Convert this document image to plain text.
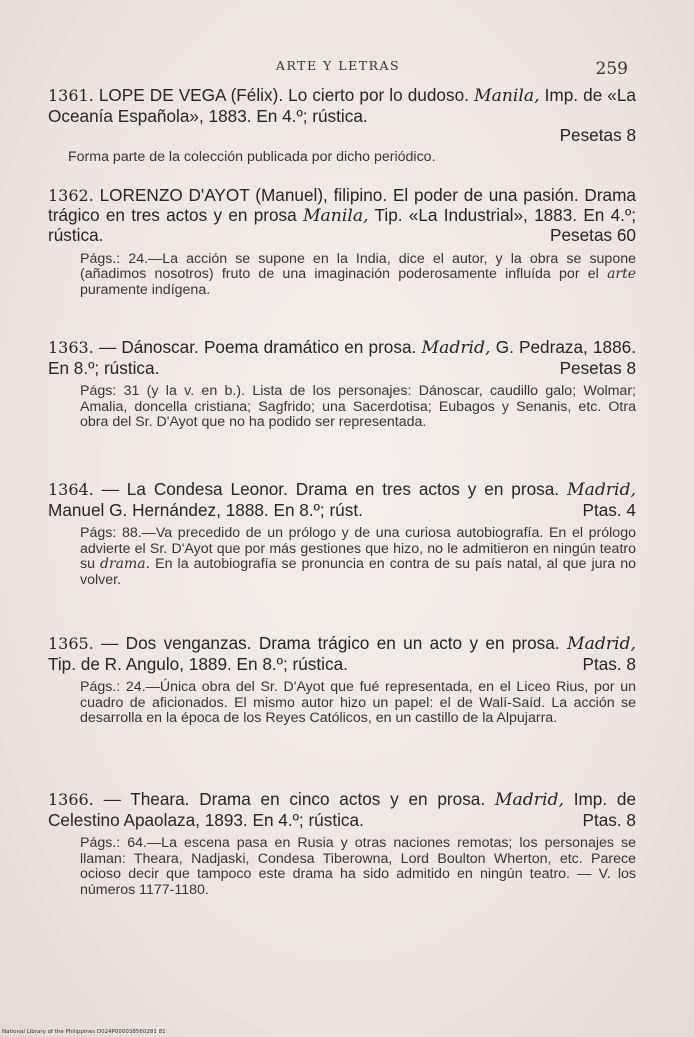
ARTE Y LETRAS	259
1361. LOPE DE VEGA (Félix). Lo cierto por lo dudoso. Manila, Imp. de «La Oceanía Española», 1883. En 4.º; rústica.
Pesetas 8
Forma parte de la colección publicada por dicho periódico.
1362. LORENZO D'AYOT (Manuel), filipino. El poder de una pasión. Drama trágico en tres actos y en prosa Manila, Tip. «La Industrial», 1883. En 4.º; rústica.	Pesetas 60
Págs.: 24.—La acción se supone en la India, dice el autor, y la obra se supone (añadimos nosotros) fruto de una imaginación poderosamente influída por el arte puramente indígena.
1363. — Dánoscar. Poema dramático en prosa. Madrid, G. Pedraza, 1886. En 8.º; rústica.	Pesetas 8
Págs: 31 (y la v. en b.). Lista de los personajes: Dánoscar, caudillo galo; Wolmar; Amalia, doncella cristiana; Sagfrido; una Sacerdotisa; Eubagos y Senanis, etc. Otra obra del Sr. D'Ayot que no ha podido ser representada.
1364. — La Condesa Leonor. Drama en tres actos y en prosa. Madrid, Manuel G. Hernández, 1888. En 8.º; rúst.	Ptas. 4
Págs: 88.—Va precedido de un prólogo y de una curiosa autobiografía. En el prólogo advierte el Sr. D'Ayot que por más gestiones que hizo, no le admitieron en ningún teatro su drama. En la autobiografía se pronuncia en contra de su país natal, al que jura no volver.
1365. — Dos venganzas. Drama trágico en un acto y en prosa. Madrid, Tip. de R. Angulo, 1889. En 8.º; rústica.	Ptas. 8
Págs.: 24.—Única obra del Sr. D'Ayot que fué representada, en el Liceo Rius, por un cuadro de aficionados. El mismo autor hizo un papel: el de Walí-Saíd. La acción se desarrolla en la época de los Reyes Católicos, en un castillo de la Alpujarra.
1366. — Theara. Drama en cinco actos y en prosa. Madrid, Imp. de Celestino Apaolaza, 1893. En 4.º; rústica.	Ptas. 8
Págs.: 64.—La escena pasa en Rusia y otras naciones remotas; los personajes se llaman: Theara, Nadjaski, Condesa Tiberowna, Lord Boulton Wherton, etc. Parece ocioso decir que tampoco este drama ha sido admitido en ningún teatro. — V. los números 1177-1180.
National Library of the Philippines D024P000038560281 81
